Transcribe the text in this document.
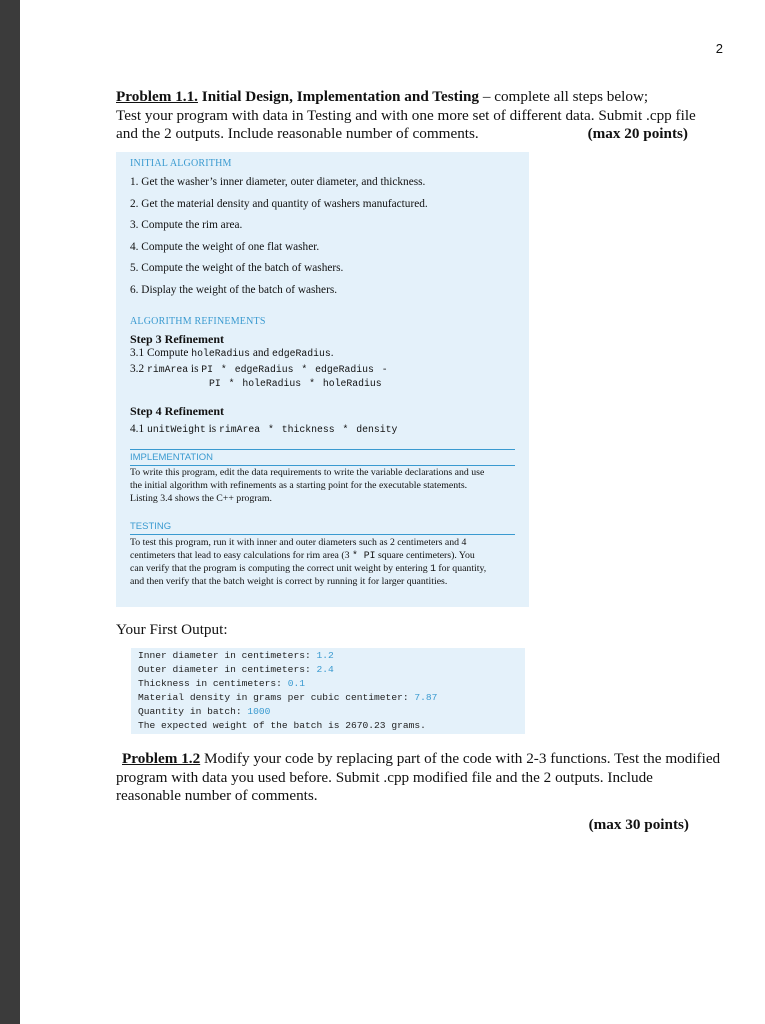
2
Problem 1.1. Initial Design, Implementation and Testing – complete all steps below;
Test your program with data in Testing and with one more set of different data. Submit .cpp file
and the 2 outputs. Include reasonable number of comments.	(max 20 points)
INITIAL ALGORITHM
1. Get the washer’s inner diameter, outer diameter, and thickness.
2. Get the material density and quantity of washers manufactured.
3. Compute the rim area.
4. Compute the weight of one flat washer.
5. Compute the weight of the batch of washers.
6. Display the weight of the batch of washers.
ALGORITHM REFINEMENTS
Step 3 Refinement
3.1 Compute holeRadius and edgeRadius.
3.2 rimArea is PI * edgeRadius * edgeRadius -
PI * holeRadius * holeRadius
Step 4 Refinement
4.1 unitWeight is rimArea * thickness * density
IMPLEMENTATION
To write this program, edit the data requirements to write the variable declarations and use the initial algorithm with refinements as a starting point for the executable statements. Listing 3.4 shows the C++ program.
TESTING
To test this program, run it with inner and outer diameters such as 2 centimeters and 4 centimeters that lead to easy calculations for rim area (3 * PI square centimeters). You can verify that the program is computing the correct unit weight by entering 1 for quantity, and then verify that the batch weight is correct by running it for larger quantities.
Your First Output:
Inner diameter in centimeters: 1.2
Outer diameter in centimeters: 2.4
Thickness in centimeters: 0.1
Material density in grams per cubic centimeter: 7.87
Quantity in batch: 1000
The expected weight of the batch is 2670.23 grams.
Problem 1.2 Modify your code by replacing part of the code with 2-3 functions. Test the modified
program with data you used before. Submit .cpp modified file and the 2 outputs. Include
reasonable number of comments.
(max 30 points)
